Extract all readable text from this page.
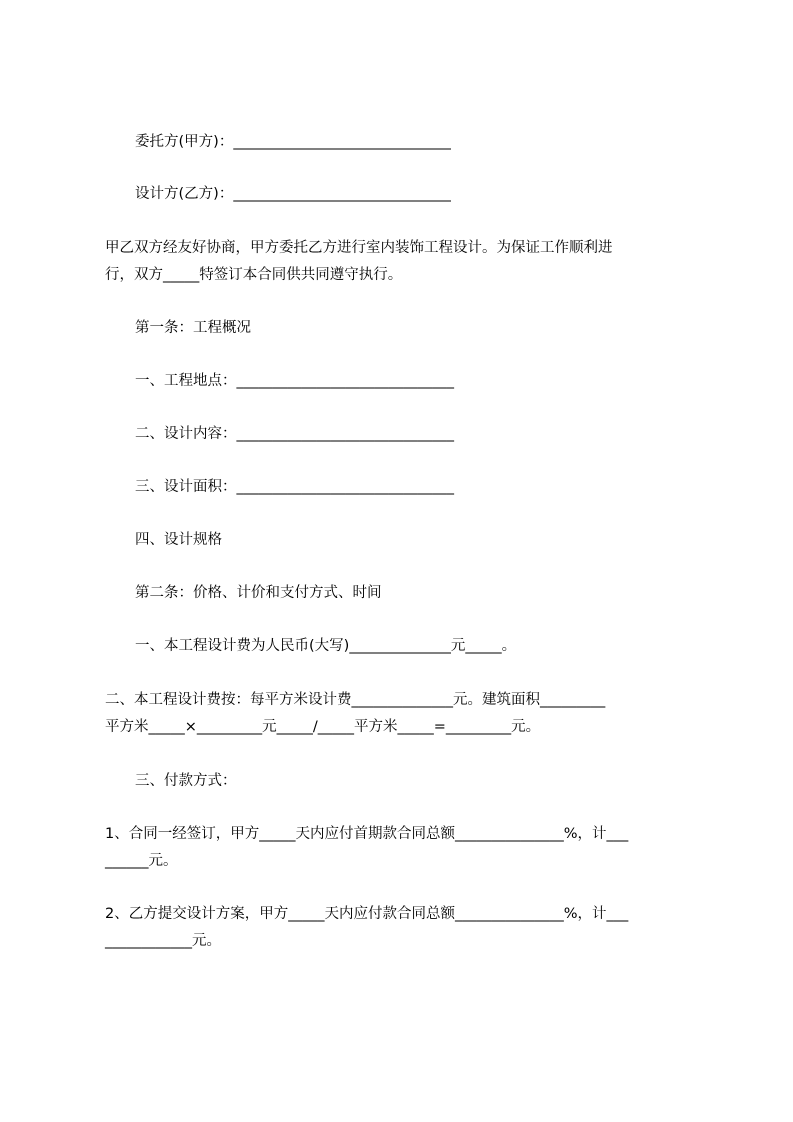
委托方(甲方)：______________________________
设计方(乙方)：______________________________
甲乙双方经友好协商，甲方委托乙方进行室内装饰工程设计。为保证工作顺利进
行，双方_____特签订本合同供共同遵守执行。
第一条：工程概况
一、工程地点：______________________________
二、设计内容：______________________________
三、设计面积：______________________________
四、设计规格
第二条：价格、计价和支付方式、时间
一、本工程设计费为人民币(大写)______________元_____。
二、本工程设计费按：每平方米设计费______________元。建筑面积_________
平方米_____×_________元_____/_____平方米_____=_________元。
三、付款方式：
1、合同一经签订，甲方_____天内应付首期款合同总额_______________%，计___
______元。
2、乙方提交设计方案，甲方_____天内应付款合同总额_______________%，计___
____________元。
